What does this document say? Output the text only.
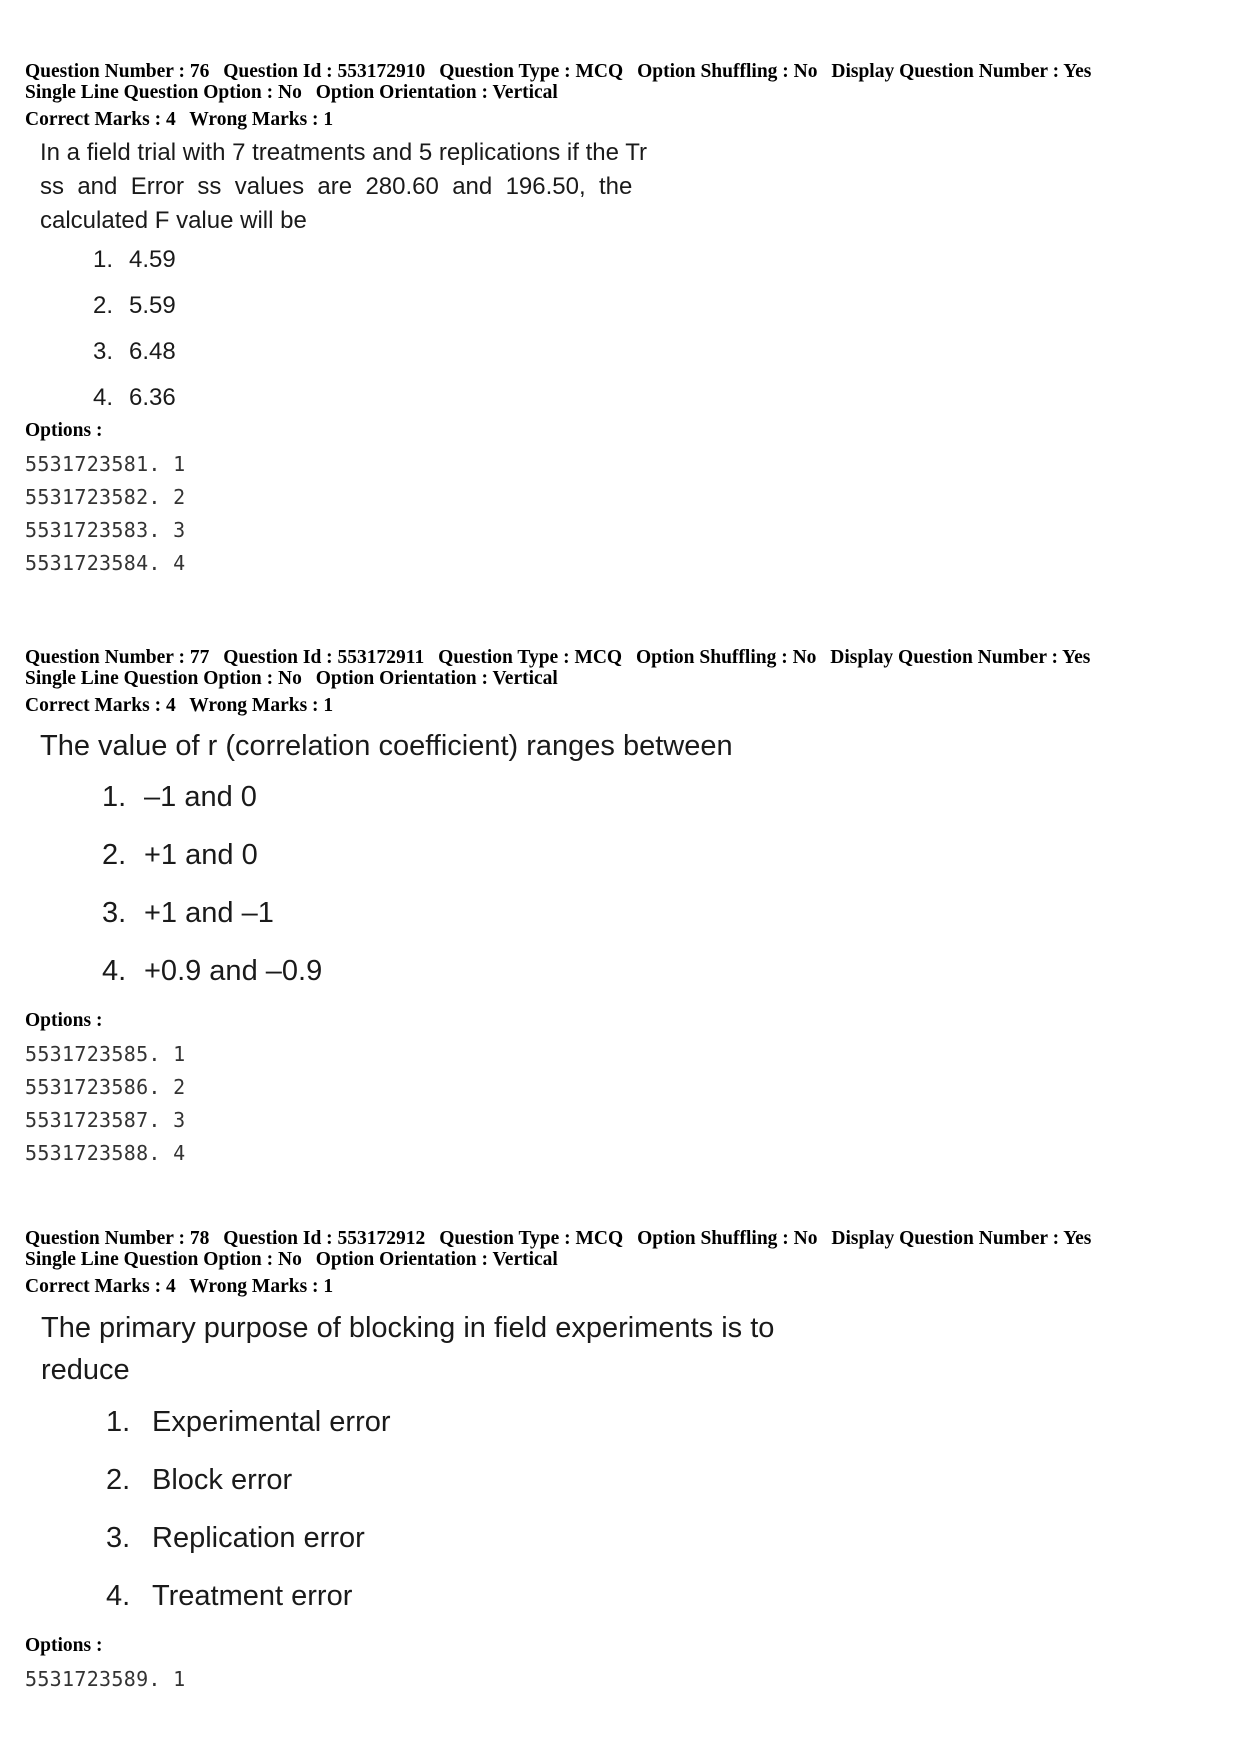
Question Number : 76 Question Id : 553172910 Question Type : MCQ Option Shuffling : No Display Question Number : Yes
Single Line Question Option : No Option Orientation : Vertical
Correct Marks : 4 Wrong Marks : 1
In a field trial with 7 treatments and 5 replications if the Tr
ss  and  Error  ss  values  are  280.60  and  196.50,  the
calculated F value will be
1. 4.59
2. 5.59
3. 6.48
4. 6.36
Options :
5531723581. 1
5531723582. 2
5531723583. 3
5531723584. 4
Question Number : 77 Question Id : 553172911 Question Type : MCQ Option Shuffling : No Display Question Number : Yes
Single Line Question Option : No Option Orientation : Vertical
Correct Marks : 4 Wrong Marks : 1
The value of r (correlation coefficient) ranges between
1. –1 and 0
2. +1 and 0
3. +1 and –1
4. +0.9 and –0.9
Options :
5531723585. 1
5531723586. 2
5531723587. 3
5531723588. 4
Question Number : 78 Question Id : 553172912 Question Type : MCQ Option Shuffling : No Display Question Number : Yes
Single Line Question Option : No Option Orientation : Vertical
Correct Marks : 4 Wrong Marks : 1
The primary purpose of blocking in field experiments is to
reduce
1. Experimental error
2. Block error
3. Replication error
4. Treatment error
Options :
5531723589. 1
